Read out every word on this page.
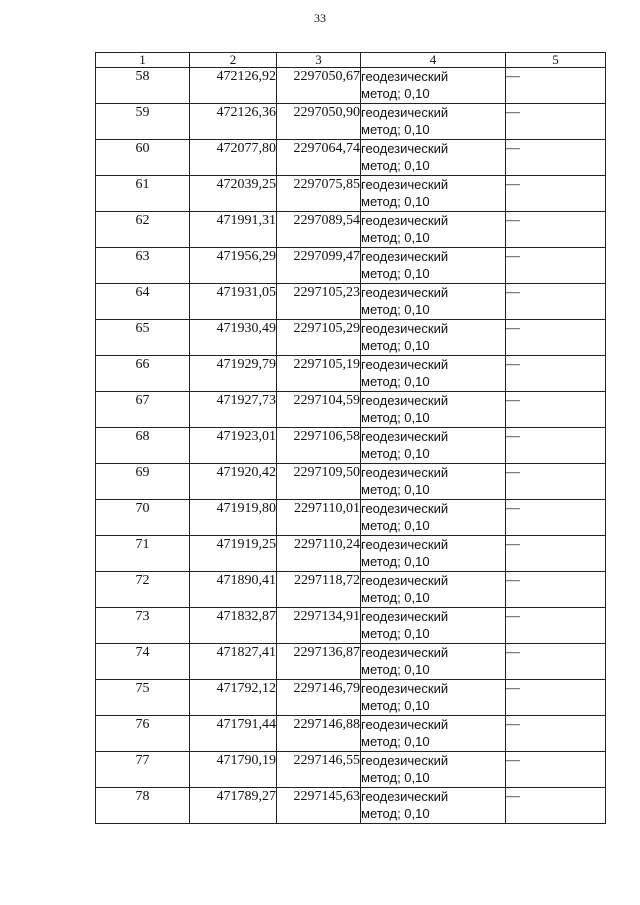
33
1	2	3	4	5
58	472126,92	2297050,67	геодезический
метод; 0,10	—
59	472126,36	2297050,90	геодезический
метод; 0,10	—
60	472077,80	2297064,74	геодезический
метод; 0,10	—
61	472039,25	2297075,85	геодезический
метод; 0,10	—
62	471991,31	2297089,54	геодезический
метод; 0,10	—
63	471956,29	2297099,47	геодезический
метод; 0,10	—
64	471931,05	2297105,23	геодезический
метод; 0,10	—
65	471930,49	2297105,29	геодезический
метод; 0,10	—
66	471929,79	2297105,19	геодезический
метод; 0,10	—
67	471927,73	2297104,59	геодезический
метод; 0,10	—
68	471923,01	2297106,58	геодезический
метод; 0,10	—
69	471920,42	2297109,50	геодезический
метод; 0,10	—
70	471919,80	2297110,01	геодезический
метод; 0,10	—
71	471919,25	2297110,24	геодезический
метод; 0,10	—
72	471890,41	2297118,72	геодезический
метод; 0,10	—
73	471832,87	2297134,91	геодезический
метод; 0,10	—
74	471827,41	2297136,87	геодезический
метод; 0,10	—
75	471792,12	2297146,79	геодезический
метод; 0,10	—
76	471791,44	2297146,88	геодезический
метод; 0,10	—
77	471790,19	2297146,55	геодезический
метод; 0,10	—
78	471789,27	2297145,63	геодезический
метод; 0,10	—
